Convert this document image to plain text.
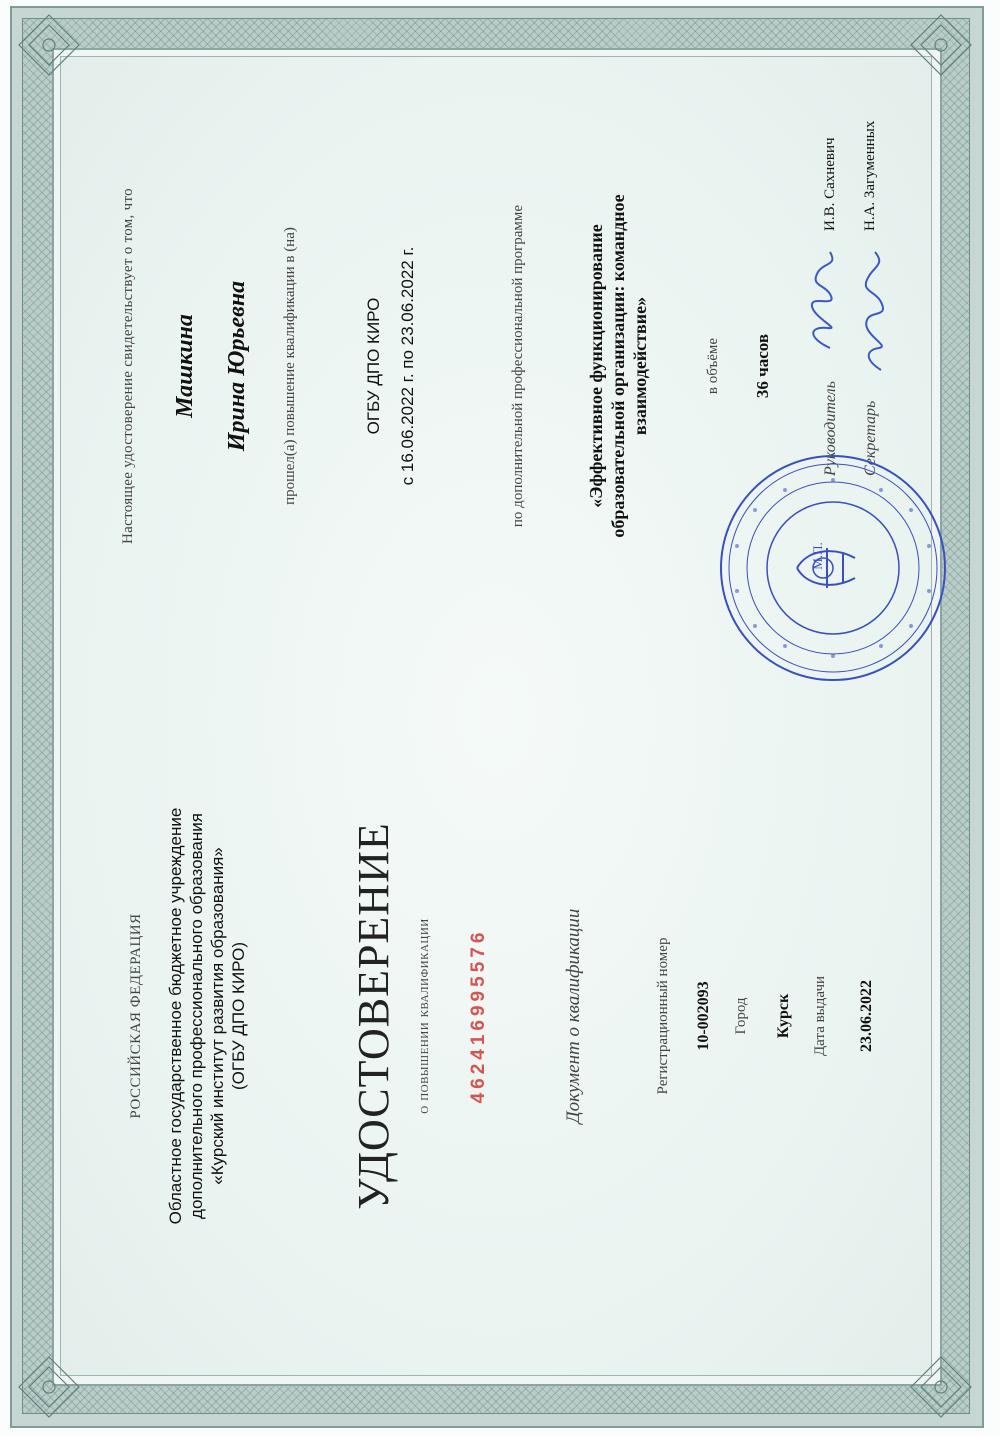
РОССИЙСКАЯ ФЕДЕРАЦИЯ Областное государственное бюджетное учреждение дополнительного профессионального образования «Курский институт развития образования» (ОГБУ ДПО КИРО) УДОСТОВЕРЕНИЕ о повышении квалификации 462416995576	Документ о квалификации	Регистрационный номер 10-002093 Город Курск Дата выдачи 23.06.2022
Настоящее удостоверение свидетельствует о том, что Машкина Ирина Юрьевна прошел(а) повышение квалификации в (на)	ОГБУ ДПО КИРО с 16.06.2022 г. по 23.06.2022 г.	по дополнительной профессиональной программе	«Эффективное функционирование образовательной организации: командное взаимодействие»	в объёме 36 часов
Руководитель
И.В. Сахневич
Секретарь
Н.А. Загуменных
М.П.
